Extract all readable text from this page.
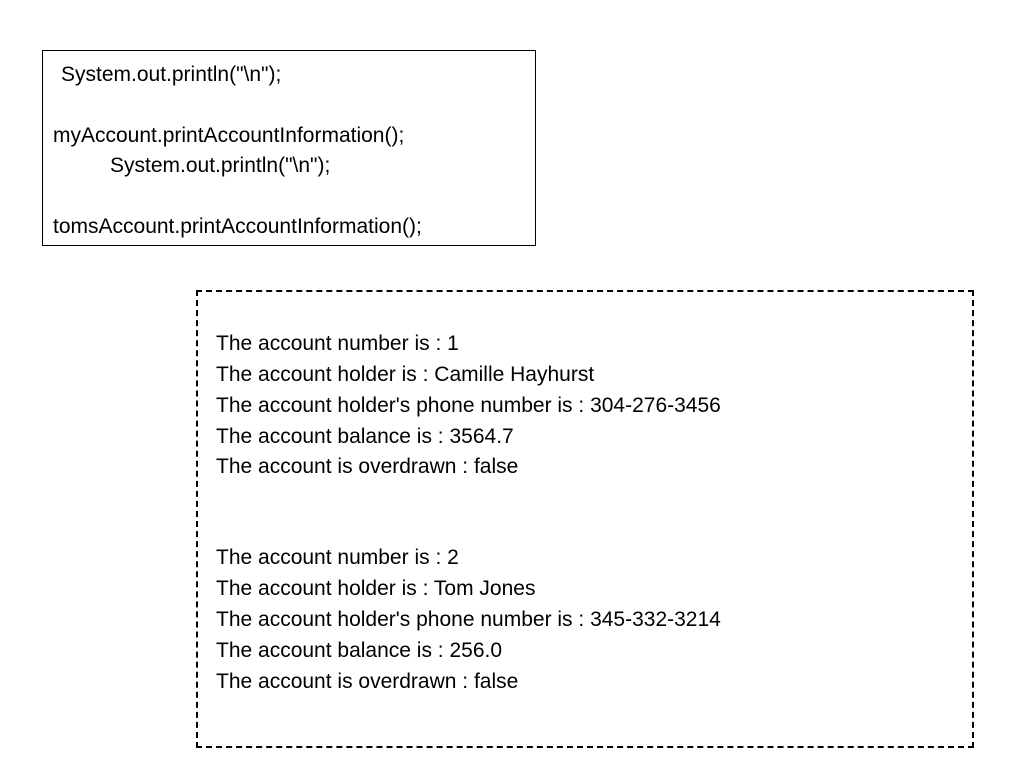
System.out.println("\n");
myAccount.printAccountInformation();
System.out.println("\n");
tomsAccount.printAccountInformation();
The account number is : 1
The account holder is : Camille Hayhurst
The account holder's phone number is : 304-276-3456
The account balance is : 3564.7
The account is overdrawn : false
The account number is : 2
The account holder is : Tom Jones
The account holder's phone number is : 345-332-3214
The account balance is : 256.0
The account is overdrawn : false
